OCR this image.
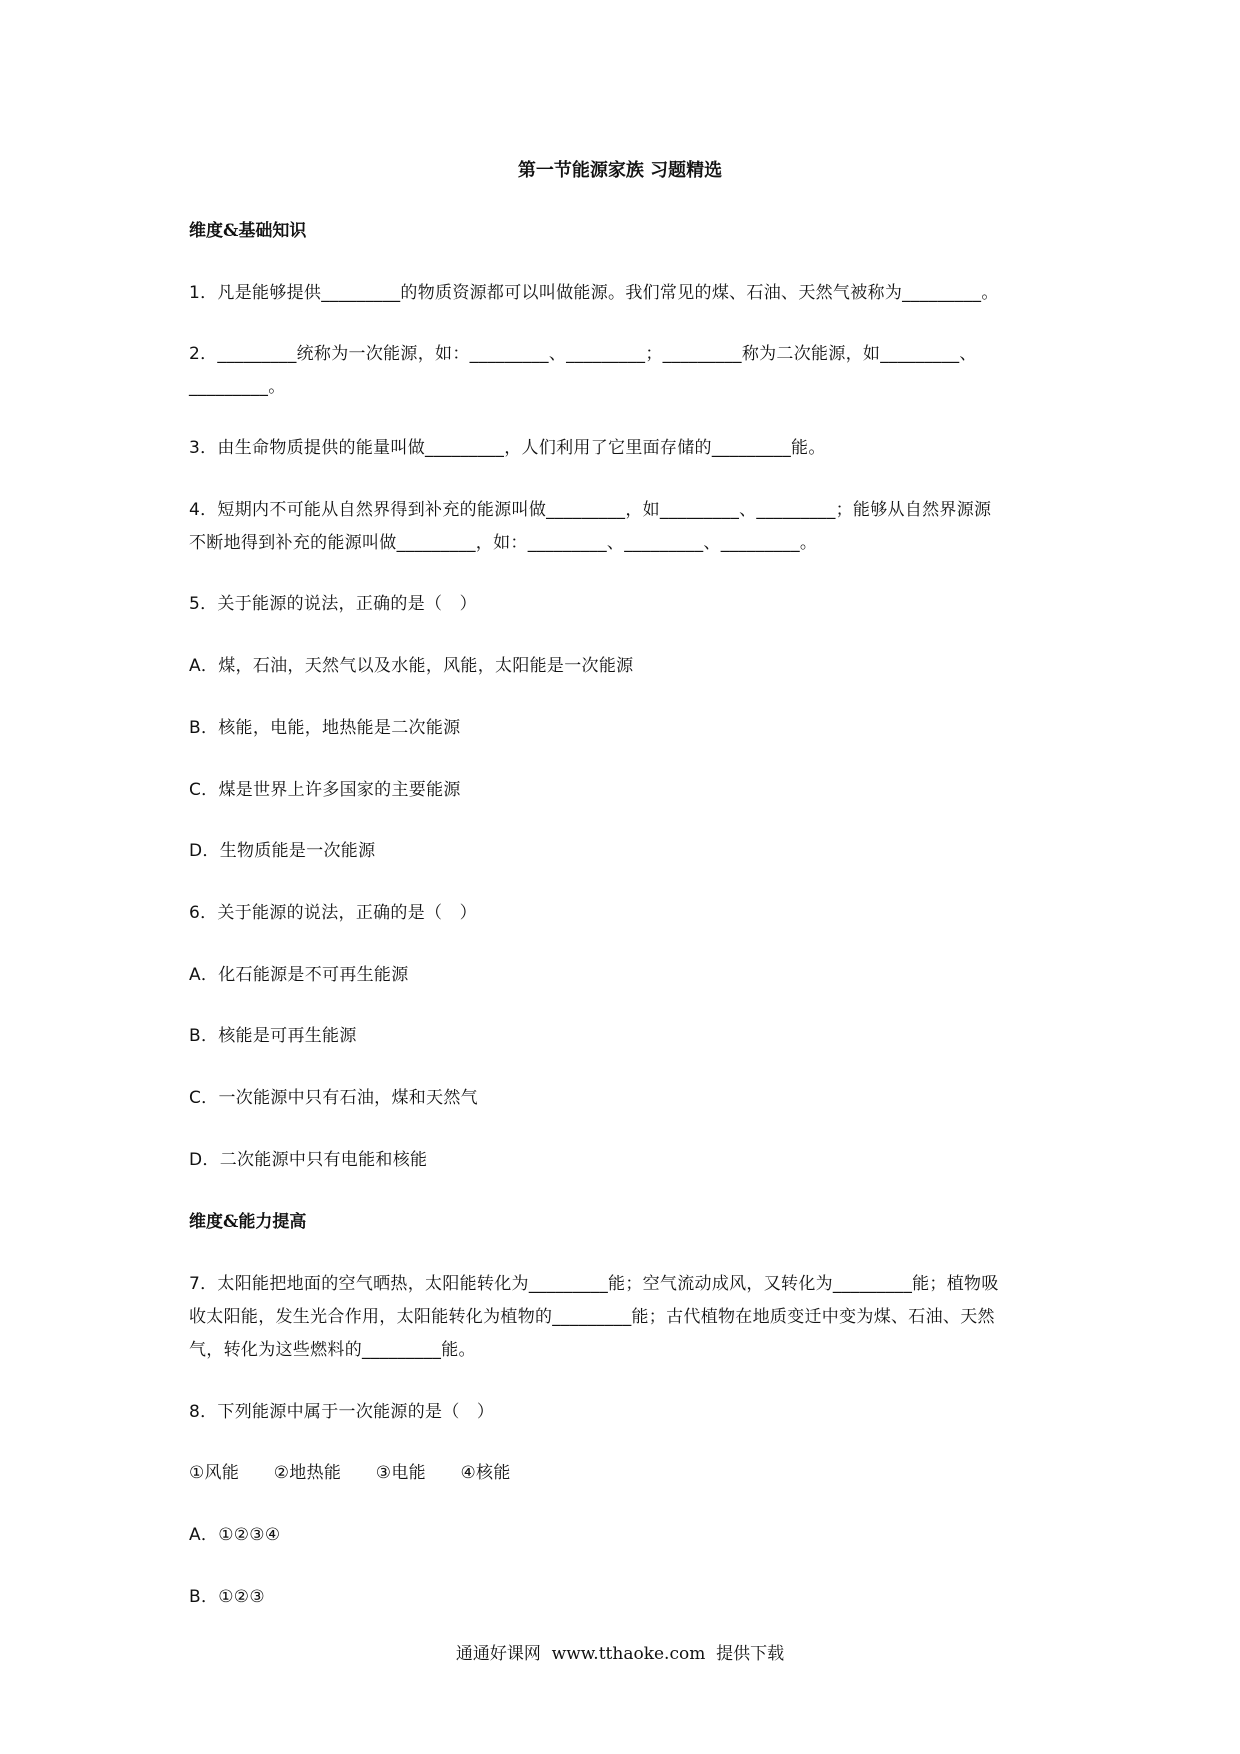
第一节能源家族 习题精选
维度&基础知识
1．凡是能够提供_________的物质资源都可以叫做能源。我们常见的煤、石油、天然气被称为_________。
2．_________统称为一次能源，如：_________、_________；_________称为二次能源，如_________、
_________。
3．由生命物质提供的能量叫做_________，人们利用了它里面存储的_________能。
4．短期内不可能从自然界得到补充的能源叫做_________，如_________、_________；能够从自然界源源
不断地得到补充的能源叫做_________，如：_________、_________、_________。
5．关于能源的说法，正确的是（　）
A．煤，石油，天然气以及水能，风能，太阳能是一次能源
B．核能，电能，地热能是二次能源
C．煤是世界上许多国家的主要能源
D．生物质能是一次能源
6．关于能源的说法，正确的是（　）
A．化石能源是不可再生能源
B．核能是可再生能源
C．一次能源中只有石油，煤和天然气
D．二次能源中只有电能和核能
维度&能力提高
7．太阳能把地面的空气晒热，太阳能转化为_________能；空气流动成风，又转化为_________能；植物吸
收太阳能，发生光合作用，太阳能转化为植物的_________能；古代植物在地质变迁中变为煤、石油、天然
气，转化为这些燃料的_________能。
8．下列能源中属于一次能源的是（　）
①风能　　②地热能　　③电能　　④核能
A．①②③④
B．①②③
通通好课网  www.tthaoke.com  提供下载
